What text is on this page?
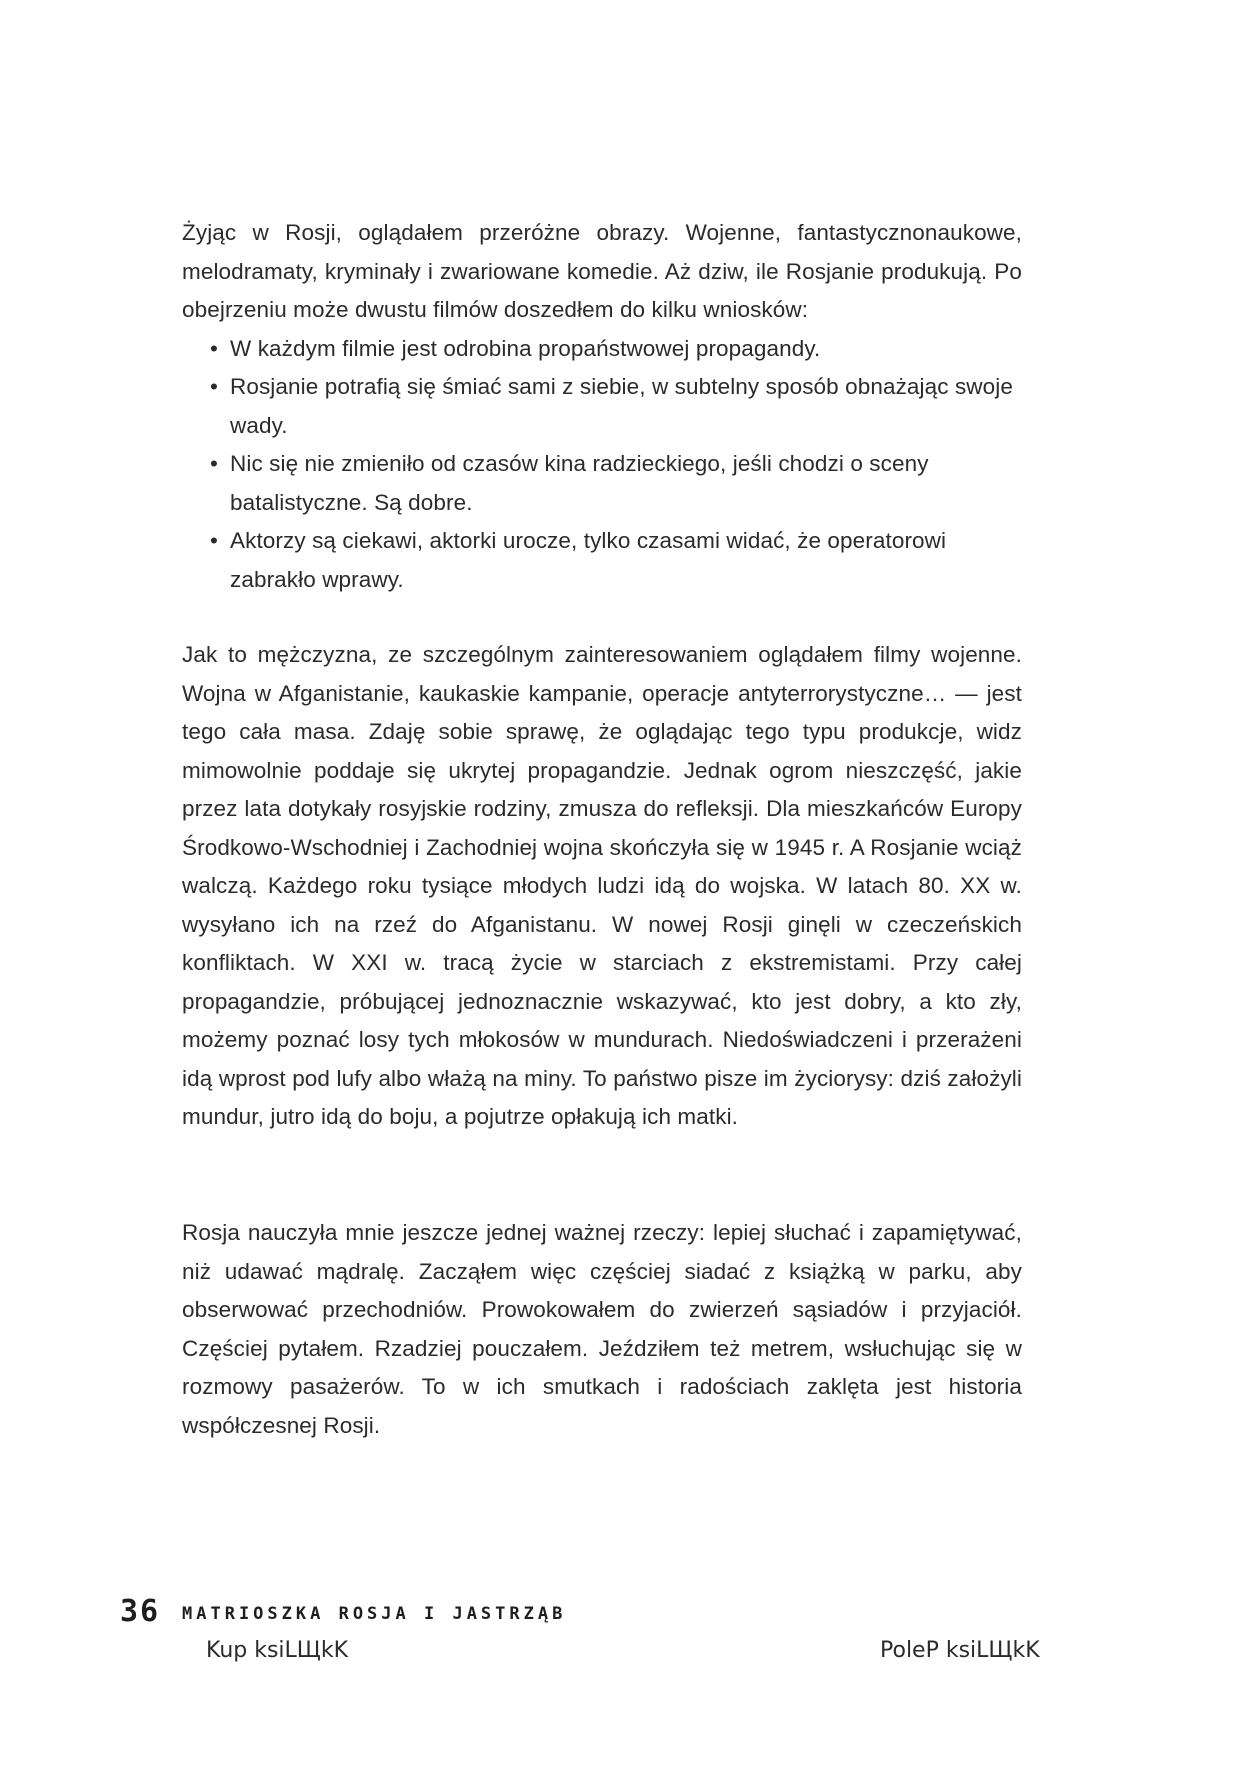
Żyjąc w Rosji, oglądałem przeróżne obrazy. Wojenne, fantastycznonaukowe, melodramaty, kryminały i zwariowane komedie. Aż dziw, ile Rosjanie produkują. Po obejrzeniu może dwustu filmów doszedłem do kilku wniosków:

• W każdym filmie jest odrobina propaństwowej propagandy.
• Rosjanie potrafią się śmiać sami z siebie, w subtelny sposób obnażając swoje wady.
• Nic się nie zmieniło od czasów kina radzieckiego, jeśli chodzi o sceny batalistyczne. Są dobre.
• Aktorzy są ciekawi, aktorki urocze, tylko czasami widać, że operatorowi zabrakło wprawy.

Jak to mężczyzna, ze szczególnym zainteresowaniem oglądałem filmy wojenne. Wojna w Afganistanie, kaukaskie kampanie, operacje antyterrorystyczne… — jest tego cała masa. Zdaję sobie sprawę, że oglądając tego typu produkcje, widz mimowolnie poddaje się ukrytej propagandzie. Jednak ogrom nieszczęść, jakie przez lata dotykały rosyjskie rodziny, zmusza do refleksji. Dla mieszkańców Europy Środkowo-Wschodniej i Zachodniej wojna skończyła się w 1945 r. A Rosjanie wciąż walczą. Każdego roku tysiące młodych ludzi idą do wojska. W latach 80. XX w. wysyłano ich na rzeź do Afganistanu. W nowej Rosji ginęli w czeczeńskich konfliktach. W XXI w. tracą życie w starciach z ekstremistami. Przy całej propagandzie, próbującej jednoznacznie wskazywać, kto jest dobry, a kto zły, możemy poznać losy tych młokosów w mundurach. Niedoświadczeni i przerażeni idą wprost pod lufy albo włażą na miny. To państwo pisze im życiorysy: dziś założyli mundur, jutro idą do boju, a pojutrze opłakują ich matki.

Rosja nauczyła mnie jeszcze jednej ważnej rzeczy: lepiej słuchać i zapamiętywać, niż udawać mądralę. Zacząłem więc częściej siadać z książką w parku, aby obserwować przechodniów. Prowokowałem do zwierzeń sąsiadów i przyjaciół. Częściej pytałem. Rzadziej pouczałem. Jeździłem też metrem, wsłuchując się w rozmowy pasażerów. To w ich smutkach i radościach zaklęta jest historia współczesnej Rosji.

36 MATRIOSZKA ROSJA I JASTRZĄB
Kup ksiLЩkK	PoleP ksiLЩkK
